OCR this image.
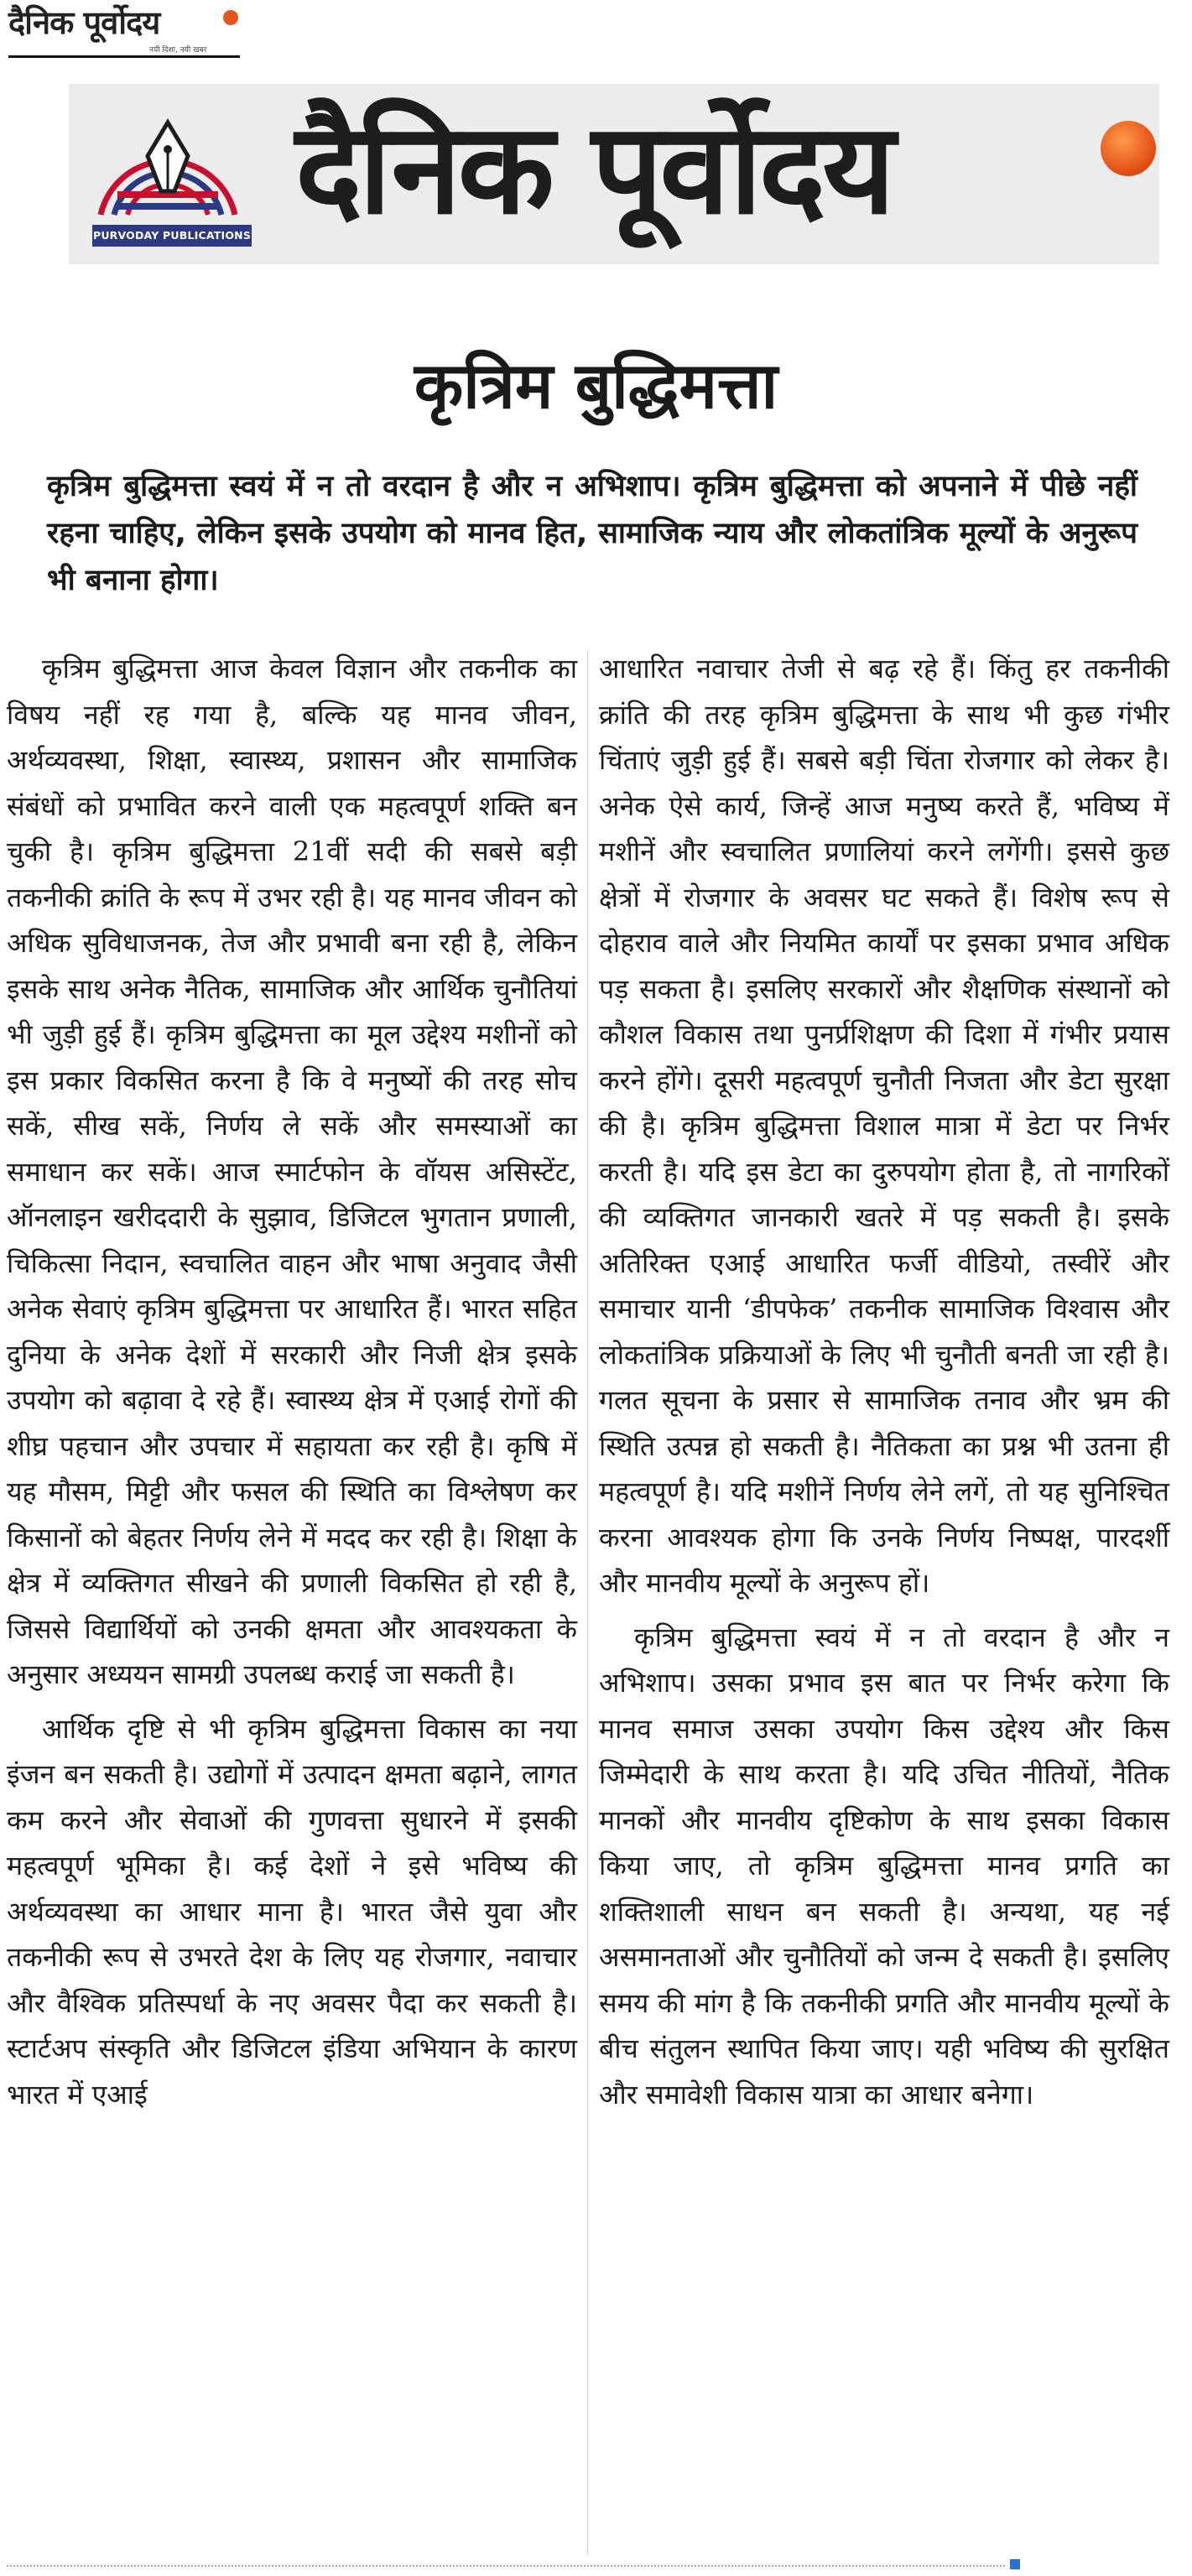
दैनिक पूर्वोदय
नयी दिशा, नयी खबर
PURVODAY PUBLICATIONS दैनिक पूर्वोदय
कृत्रिम बुद्धिमत्ता
कृत्रिम बुद्धिमत्ता स्वयं में न तो वरदान है और न अभिशाप। कृत्रिम बुद्धिमत्ता को अपनाने में पीछे नहीं रहना चाहिए, लेकिन इसके उपयोग को मानव हित, सामाजिक न्याय और लोकतांत्रिक मूल्यों के अनुरूप भी बनाना होगा।

कृत्रिम बुद्धिमत्ता आज केवल विज्ञान और तकनीक का विषय नहीं रह गया है, बल्कि यह मानव जीवन, अर्थव्यवस्था, शिक्षा, स्वास्थ्य, प्रशासन और सामाजिक संबंधों को प्रभावित करने वाली एक महत्वपूर्ण शक्ति बन चुकी है। कृत्रिम बुद्धिमत्ता 21वीं सदी की सबसे बड़ी तकनीकी क्रांति के रूप में उभर रही है। यह मानव जीवन को अधिक सुविधाजनक, तेज और प्रभावी बना रही है, लेकिन इसके साथ अनेक नैतिक, सामाजिक और आर्थिक चुनौतियां भी जुड़ी हुई हैं। कृत्रिम बुद्धिमत्ता का मूल उद्देश्य मशीनों को इस प्रकार विकसित करना है कि वे मनुष्यों की तरह सोच सकें, सीख सकें, निर्णय ले सकें और समस्याओं का समाधान कर सकें। आज स्मार्टफोन के वॉयस असिस्टेंट, ऑनलाइन खरीददारी के सुझाव, डिजिटल भुगतान प्रणाली, चिकित्सा निदान, स्वचालित वाहन और भाषा अनुवाद जैसी अनेक सेवाएं कृत्रिम बुद्धिमत्ता पर आधारित हैं। भारत सहित दुनिया के अनेक देशों में सरकारी और निजी क्षेत्र इसके उपयोग को बढ़ावा दे रहे हैं। स्वास्थ्य क्षेत्र में एआई रोगों की शीघ्र पहचान और उपचार में सहायता कर रही है। कृषि में यह मौसम, मिट्टी और फसल की स्थिति का विश्लेषण कर किसानों को बेहतर निर्णय लेने में मदद कर रही है। शिक्षा के क्षेत्र में व्यक्तिगत सीखने की प्रणाली विकसित हो रही है, जिससे विद्यार्थियों को उनकी क्षमता और आवश्यकता के अनुसार अध्ययन सामग्री उपलब्ध कराई जा सकती है।

आर्थिक दृष्टि से भी कृत्रिम बुद्धिमत्ता विकास का नया इंजन बन सकती है। उद्योगों में उत्पादन क्षमता बढ़ाने, लागत कम करने और सेवाओं की गुणवत्ता सुधारने में इसकी महत्वपूर्ण भूमिका है। कई देशों ने इसे भविष्य की अर्थव्यवस्था का आधार माना है। भारत जैसे युवा और तकनीकी रूप से उभरते देश के लिए यह रोजगार, नवाचार और वैश्विक प्रतिस्पर्धा के नए अवसर पैदा कर सकती है। स्टार्टअप संस्कृति और डिजिटल इंडिया अभियान के कारण भारत में एआई

आधारित नवाचार तेजी से बढ़ रहे हैं। किंतु हर तकनीकी क्रांति की तरह कृत्रिम बुद्धिमत्ता के साथ भी कुछ गंभीर चिंताएं जुड़ी हुई हैं। सबसे बड़ी चिंता रोजगार को लेकर है। अनेक ऐसे कार्य, जिन्हें आज मनुष्य करते हैं, भविष्य में मशीनें और स्वचालित प्रणालियां करने लगेंगी। इससे कुछ क्षेत्रों में रोजगार के अवसर घट सकते हैं। विशेष रूप से दोहराव वाले और नियमित कार्यों पर इसका प्रभाव अधिक पड़ सकता है। इसलिए सरकारों और शैक्षणिक संस्थानों को कौशल विकास तथा पुनर्प्रशिक्षण की दिशा में गंभीर प्रयास करने होंगे। दूसरी महत्वपूर्ण चुनौती निजता और डेटा सुरक्षा की है। कृत्रिम बुद्धिमत्ता विशाल मात्रा में डेटा पर निर्भर करती है। यदि इस डेटा का दुरुपयोग होता है, तो नागरिकों की व्यक्तिगत जानकारी खतरे में पड़ सकती है। इसके अतिरिक्त एआई आधारित फर्जी वीडियो, तस्वीरें और समाचार यानी ‘डीपफेक’ तकनीक सामाजिक विश्वास और लोकतांत्रिक प्रक्रियाओं के लिए भी चुनौती बनती जा रही है। गलत सूचना के प्रसार से सामाजिक तनाव और भ्रम की स्थिति उत्पन्न हो सकती है। नैतिकता का प्रश्न भी उतना ही महत्वपूर्ण है। यदि मशीनें निर्णय लेने लगें, तो यह सुनिश्चित करना आवश्यक होगा कि उनके निर्णय निष्पक्ष, पारदर्शी और मानवीय मूल्यों के अनुरूप हों।

कृत्रिम बुद्धिमत्ता स्वयं में न तो वरदान है और न अभिशाप। उसका प्रभाव इस बात पर निर्भर करेगा कि मानव समाज उसका उपयोग किस उद्देश्य और किस जिम्मेदारी के साथ करता है। यदि उचित नीतियों, नैतिक मानकों और मानवीय दृष्टिकोण के साथ इसका विकास किया जाए, तो कृत्रिम बुद्धिमत्ता मानव प्रगति का शक्तिशाली साधन बन सकती है। अन्यथा, यह नई असमानताओं और चुनौतियों को जन्म दे सकती है। इसलिए समय की मांग है कि तकनीकी प्रगति और मानवीय मूल्यों के बीच संतुलन स्थापित किया जाए। यही भविष्य की सुरक्षित और समावेशी विकास यात्रा का आधार बनेगा।
